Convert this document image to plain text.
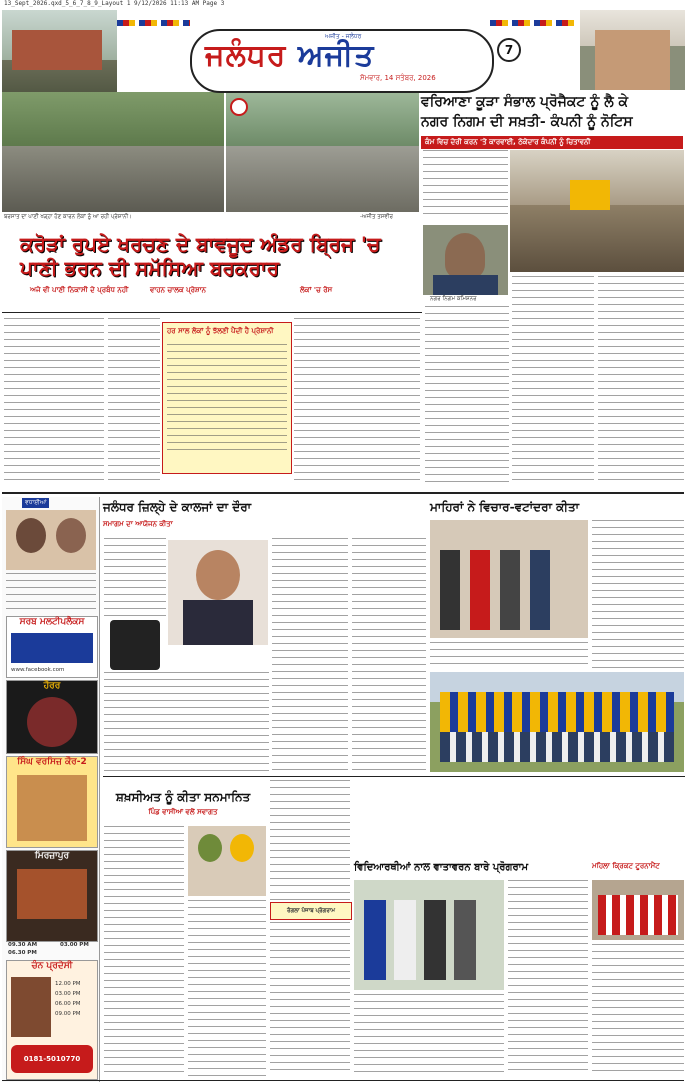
13_Sept_2026.qxd_5_6_7_8_9_Layout 1 9/12/2026 11:13 AM Page 3
ਜਲੰਧਰ ਅਜੀਤ
ਅਜੀਤ - ਜਲੰਧਰ
ਸੋਮਵਾਰ, 14 ਸਤੰਬਰ, 2026
7
ਬਰਸਾਤ ਦਾ ਪਾਣੀ ਖੜ੍ਹਾ ਹੋਣ ਕਾਰਨ ਲੋਕਾਂ ਨੂੰ ਆ ਰਹੀ ਪ੍ਰੇਸ਼ਾਨੀ।	-ਅਜੀਤ ਤਸਵੀਰ
ਵਰਿਆਣਾ ਕੂੜਾ ਸੰਭਾਲ ਪ੍ਰੋਜੈਕਟ ਨੂੰ ਲੈ ਕੇ
ਨਗਰ ਨਿਗਮ ਦੀ ਸਖ਼ਤੀ- ਕੰਪਨੀ ਨੂੰ ਨੋਟਿਸ
ਕੰਮ ਵਿਚ ਦੇਰੀ ਕਰਨ 'ਤੇ ਕਾਰਵਾਈ, ਠੇਕੇਦਾਰ ਕੰਪਨੀ ਨੂੰ ਚਿਤਾਵਨੀ
ਨਗਰ ਨਿਗਮ ਕਮਿਸ਼ਨਰ
ਕਰੋੜਾਂ ਰੁਪਏ ਖਰਚਣ ਦੇ ਬਾਵਜੂਦ ਅੰਡਰ ਬ੍ਰਿਜ 'ਚ ਪਾਣੀ ਭਰਨ ਦੀ ਸਮੱਸਿਆ ਬਰਕਰਾਰ
ਅਜੇ ਵੀ ਪਾਣੀ ਨਿਕਾਸੀ ਦੇ ਪ੍ਰਬੰਧ ਨਹੀਂ	ਵਾਹਨ ਚਾਲਕ ਪ੍ਰੇਸ਼ਾਨ	ਲੋਕਾਂ 'ਚ ਰੋਸ
ਹਰ ਸਾਲ ਲੋਕਾਂ ਨੂੰ ਝੱਲਣੀ ਪੈਂਦੀ ਹੈ ਪ੍ਰੇਸ਼ਾਨੀ
ਵਧਾਈਆਂ
ਸਰਬ ਮਲਟੀਪਲੈਕਸ
www.facebook.com
ਹੌਰਰ
ਸਿੰਘ ਵਰਸਿਜ਼ ਕੌਰ-2
ਮਿਰਜ਼ਾਪੁਰ
09.30 AM	03.00 PM
06.30 PM
ਚੰਨ ਪ੍ਰਦੇਸੀ
12.00 PM
03.00 PM
06.00 PM
09.00 PM
0181-5010770
ਜਲੰਧਰ ਜ਼ਿਲ੍ਹੇ ਦੇ ਕਾਲਜਾਂ ਦਾ ਦੌਰਾ
ਸਮਾਗਮ ਦਾ ਆਯੋਜਨ ਕੀਤਾ
ਮਾਹਿਰਾਂ ਨੇ ਵਿਚਾਰ-ਵਟਾਂਦਰਾ ਕੀਤਾ
ਸ਼ਖ਼ਸੀਅਤ ਨੂੰ ਕੀਤਾ ਸਨਮਾਨਿਤ
ਪਿੰਡ ਵਾਸੀਆਂ ਵਲੋਂ ਸਵਾਗਤ
ਰੰਗਲਾ ਪੰਜਾਬ ਪ੍ਰੋਗਰਾਮ
ਵਿਦਿਆਰਥੀਆਂ ਨਾਲ ਵਾਤਾਵਰਨ ਬਾਰੇ ਪ੍ਰੋਗਰਾਮ	ਮਹਿਲਾ ਕ੍ਰਿਕਟ ਟੂਰਨਾਮੈਂਟ
